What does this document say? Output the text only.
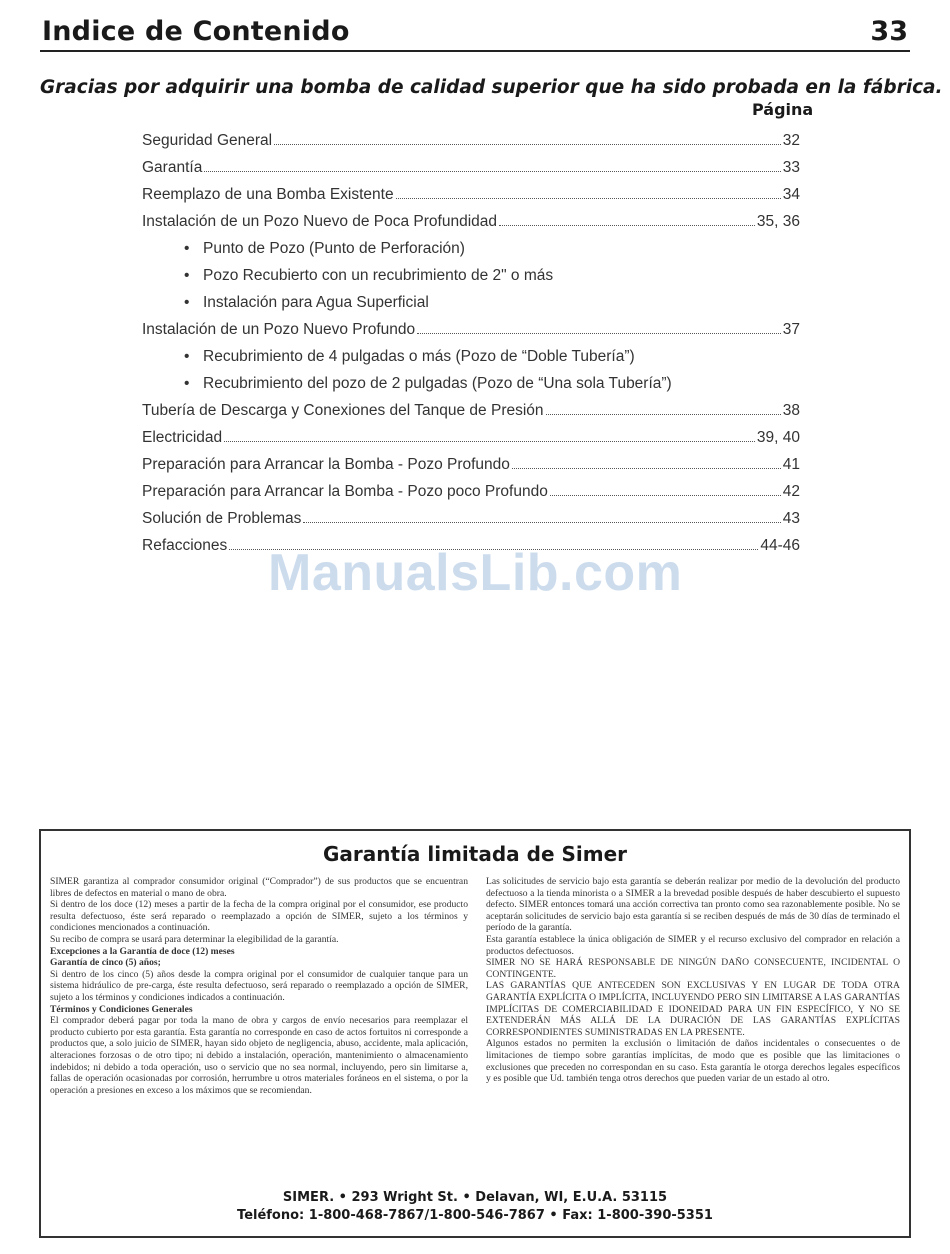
Indice de Contenido	33
Gracias por adquirir una bomba de calidad superior que ha sido probada en la fábrica.
Página
Seguridad General	32
Garantía	33
Reemplazo de una Bomba Existente	34
Instalación de un Pozo Nuevo de Poca Profundidad	35, 36
• Punto de Pozo (Punto de Perforación)
• Pozo Recubierto con un recubrimiento de 2" o más
• Instalación para Agua Superficial
Instalación de un Pozo Nuevo Profundo	37
• Recubrimiento de 4 pulgadas o más (Pozo de “Doble Tubería”)
• Recubrimiento del pozo de 2 pulgadas (Pozo de “Una sola Tubería”)
Tubería de Descarga y Conexiones del Tanque de Presión	38
Electricidad	39, 40
Preparación para Arrancar la Bomba - Pozo Profundo	41
Preparación para Arrancar la Bomba - Pozo poco Profundo	42
Solución de Problemas	43
Refacciones	44-46
ManualsLib.com
Garantía limitada de Simer

SIMER garantiza al comprador consumidor original (“Comprador”) de sus productos que se encuentran libres de defectos en material o mano de obra.

Si dentro de los doce (12) meses a partir de la fecha de la compra original por el consumidor, ese producto resulta defectuoso, éste será reparado o reemplazado a opción de SIMER, sujeto a los términos y condiciones mencionados a continuación.

Su recibo de compra se usará para determinar la elegibilidad de la garantía.

Excepciones a la Garantía de doce (12) meses

Garantía de cinco (5) años;

Si dentro de los cinco (5) años desde la compra original por el consumidor de cualquier tanque para un sistema hidráulico de pre-carga, éste resulta defectuoso, será reparado o reemplazado a opción de SIMER, sujeto a los términos y condiciones indicados a continuación.

Términos y Condiciones Generales

El comprador deberá pagar por toda la mano de obra y cargos de envío necesarios para reemplazar el producto cubierto por esta garantía. Esta garantía no corresponde en caso de actos fortuitos ni corresponde a productos que, a solo juicio de SIMER, hayan sido objeto de negligencia, abuso, accidente, mala aplicación, alteraciones forzosas o de otro tipo; ni debido a instalación, operación, mantenimiento o almacenamiento indebidos; ni debido a toda operación, uso o servicio que no sea normal, incluyendo, pero sin limitarse a, fallas de operación ocasionadas por corrosión, herrumbre u otros materiales foráneos en el sistema, o por la operación a presiones en exceso a los máximos que se recomiendan.

Las solicitudes de servicio bajo esta garantía se deberán realizar por medio de la devolución del producto defectuoso a la tienda minorista o a SIMER a la brevedad posible después de haber descubierto el supuesto defecto. SIMER entonces tomará una acción correctiva tan pronto como sea razonablemente posible. No se aceptarán solicitudes de servicio bajo esta garantía si se reciben después de más de 30 días de terminado el período de la garantía.

Esta garantía establece la única obligación de SIMER y el recurso exclusivo del comprador en relación a productos defectuosos.

SIMER NO SE HARÁ RESPONSABLE DE NINGÚN DAÑO CONSECUENTE, INCIDENTAL O CONTINGENTE.

LAS GARANTÍAS QUE ANTECEDEN SON EXCLUSIVAS Y EN LUGAR DE TODA OTRA GARANTÍA EXPLÍCITA O IMPLÍCITA, INCLUYENDO PERO SIN LIMITARSE A LAS GARANTÍAS IMPLÍCITAS DE COMERCIABILIDAD E IDONEIDAD PARA UN FIN ESPECÍFICO, Y NO SE EXTENDERÁN MÁS ALLÁ DE LA DURACIÓN DE LAS GARANTÍAS EXPLÍCITAS CORRESPONDIENTES SUMINISTRADAS EN LA PRESENTE.

Algunos estados no permiten la exclusión o limitación de daños incidentales o consecuentes o de limitaciones de tiempo sobre garantías implícitas, de modo que es posible que las limitaciones o exclusiones que preceden no correspondan en su caso. Esta garantía le otorga derechos legales específicos y es posible que Ud. también tenga otros derechos que pueden variar de un estado al otro.

SIMER. • 293 Wright St. • Delavan, WI, E.U.A. 53115
Teléfono: 1-800-468-7867/1-800-546-7867 • Fax: 1-800-390-5351
